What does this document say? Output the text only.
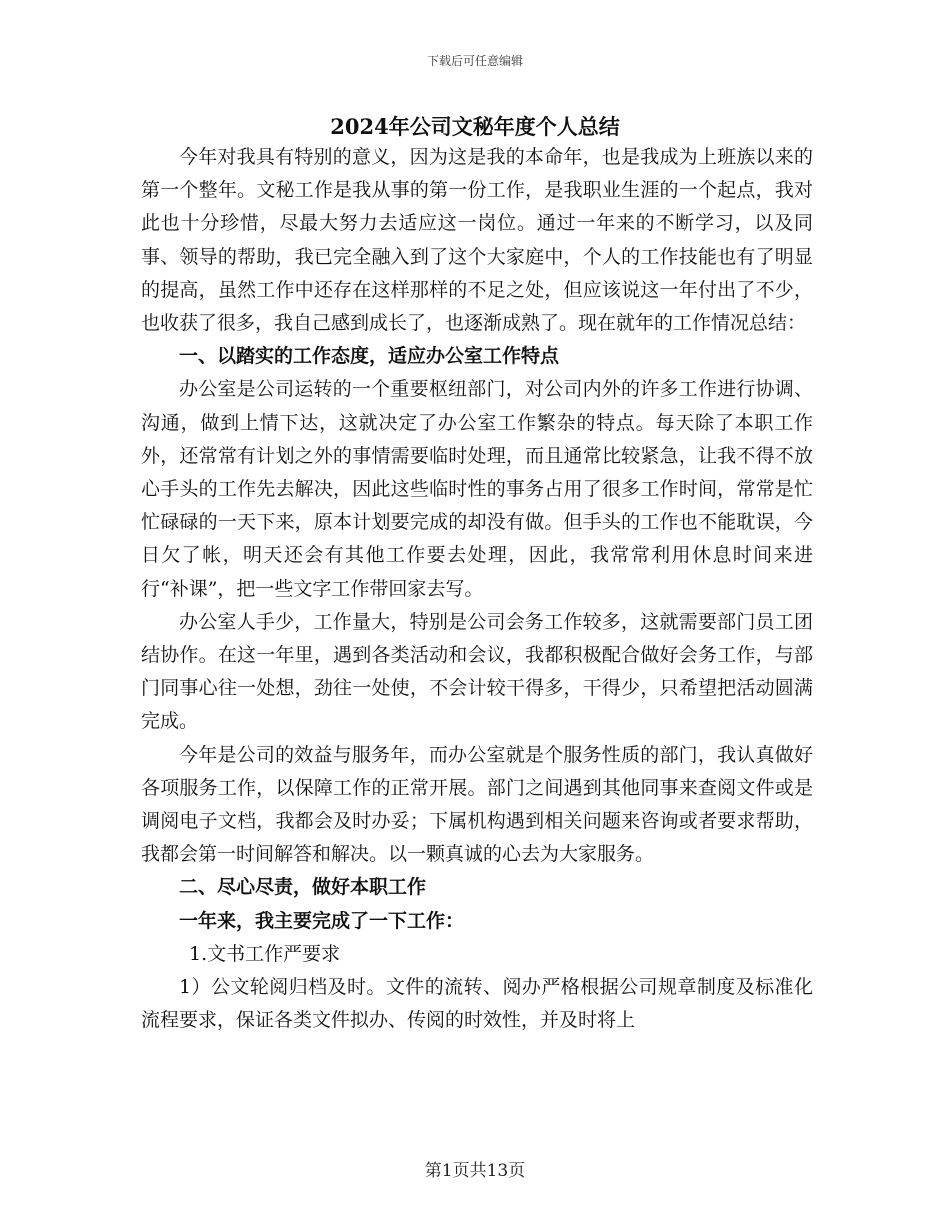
下载后可任意编辑
2024年公司文秘年度个人总结

今年对我具有特别的意义，因为这是我的本命年，也是我成为上班族以来的第一个整年。文秘工作是我从事的第一份工作，是我职业生涯的一个起点，我对此也十分珍惜，尽最大努力去适应这一岗位。通过一年来的不断学习，以及同事、领导的帮助，我已完全融入到了这个大家庭中，个人的工作技能也有了明显的提高，虽然工作中还存在这样那样的不足之处，但应该说这一年付出了不少，也收获了很多，我自己感到成长了，也逐渐成熟了。现在就年的工作情况总结：

一、以踏实的工作态度，适应办公室工作特点

办公室是公司运转的一个重要枢纽部门，对公司内外的许多工作进行协调、沟通，做到上情下达，这就决定了办公室工作繁杂的特点。每天除了本职工作外，还常常有计划之外的事情需要临时处理，而且通常比较紧急，让我不得不放心手头的工作先去解决，因此这些临时性的事务占用了很多工作时间，常常是忙忙碌碌的一天下来，原本计划要完成的却没有做。但手头的工作也不能耽误，今日欠了帐，明天还会有其他工作要去处理，因此，我常常利用休息时间来进行“补课”，把一些文字工作带回家去写。

办公室人手少，工作量大，特别是公司会务工作较多，这就需要部门员工团结协作。在这一年里，遇到各类活动和会议，我都积极配合做好会务工作，与部门同事心往一处想，劲往一处使，不会计较干得多，干得少，只希望把活动圆满完成。

今年是公司的效益与服务年，而办公室就是个服务性质的部门，我认真做好各项服务工作，以保障工作的正常开展。部门之间遇到其他同事来查阅文件或是调阅电子文档，我都会及时办妥；下属机构遇到相关问题来咨询或者要求帮助，我都会第一时间解答和解决。以一颗真诚的心去为大家服务。

二、尽心尽责，做好本职工作

一年来，我主要完成了一下工作：

1.文书工作严要求

1）公文轮阅归档及时。文件的流转、阅办严格根据公司规章制度及标准化流程要求，保证各类文件拟办、传阅的时效性，并及时将上

第1页共13页
